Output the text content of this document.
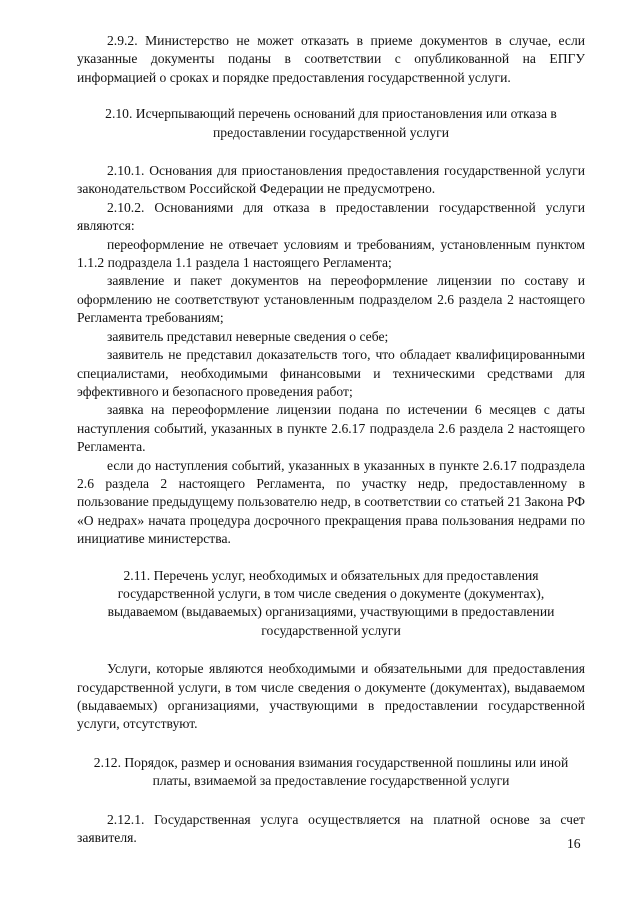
2.9.2. Министерство не может отказать в приеме документов в случае, если указанные документы поданы в соответствии с опубликованной на ЕПГУ информацией о сроках и порядке предоставления государственной услуги.

2.10. Исчерпывающий перечень оснований для приостановления или отказа в предоставлении государственной услуги

2.10.1. Основания для приостановления предоставления государственной услуги законодательством Российской Федерации не предусмотрено.

2.10.2. Основаниями для отказа в предоставлении государственной услуги являются:

переоформление не отвечает условиям и требованиям, установленным пунктом 1.1.2 подраздела 1.1 раздела 1 настоящего Регламента;

заявление и пакет документов на переоформление лицензии по составу и оформлению не соответствуют установленным подразделом 2.6 раздела 2 настоящего Регламента требованиям;

заявитель представил неверные сведения о себе;

заявитель не представил доказательств того, что обладает квалифицированными специалистами, необходимыми финансовыми и техническими средствами для эффективного и безопасного проведения работ;

заявка на переоформление лицензии подана по истечении 6 месяцев с даты наступления событий, указанных в пункте 2.6.17 подраздела 2.6 раздела 2 настоящего Регламента.

если до наступления событий, указанных в указанных в пункте 2.6.17 подраздела 2.6 раздела 2 настоящего Регламента, по участку недр, предоставленному в пользование предыдущему пользователю недр, в соответствии со статьей 21 Закона РФ «О недрах» начата процедура досрочного прекращения права пользования недрами по инициативе министерства.

2.11. Перечень услуг, необходимых и обязательных для предоставления государственной услуги, в том числе сведения о документе (документах), выдаваемом (выдаваемых) организациями, участвующими в предоставлении государственной услуги

Услуги, которые являются необходимыми и обязательными для предоставления государственной услуги, в том числе сведения о документе (документах), выдаваемом (выдаваемых) организациями, участвующими в предоставлении государственной услуги, отсутствуют.

2.12. Порядок, размер и основания взимания государственной пошлины или иной платы, взимаемой за предоставление государственной услуги

2.12.1. Государственная услуга осуществляется на платной основе за счет заявителя.	16
